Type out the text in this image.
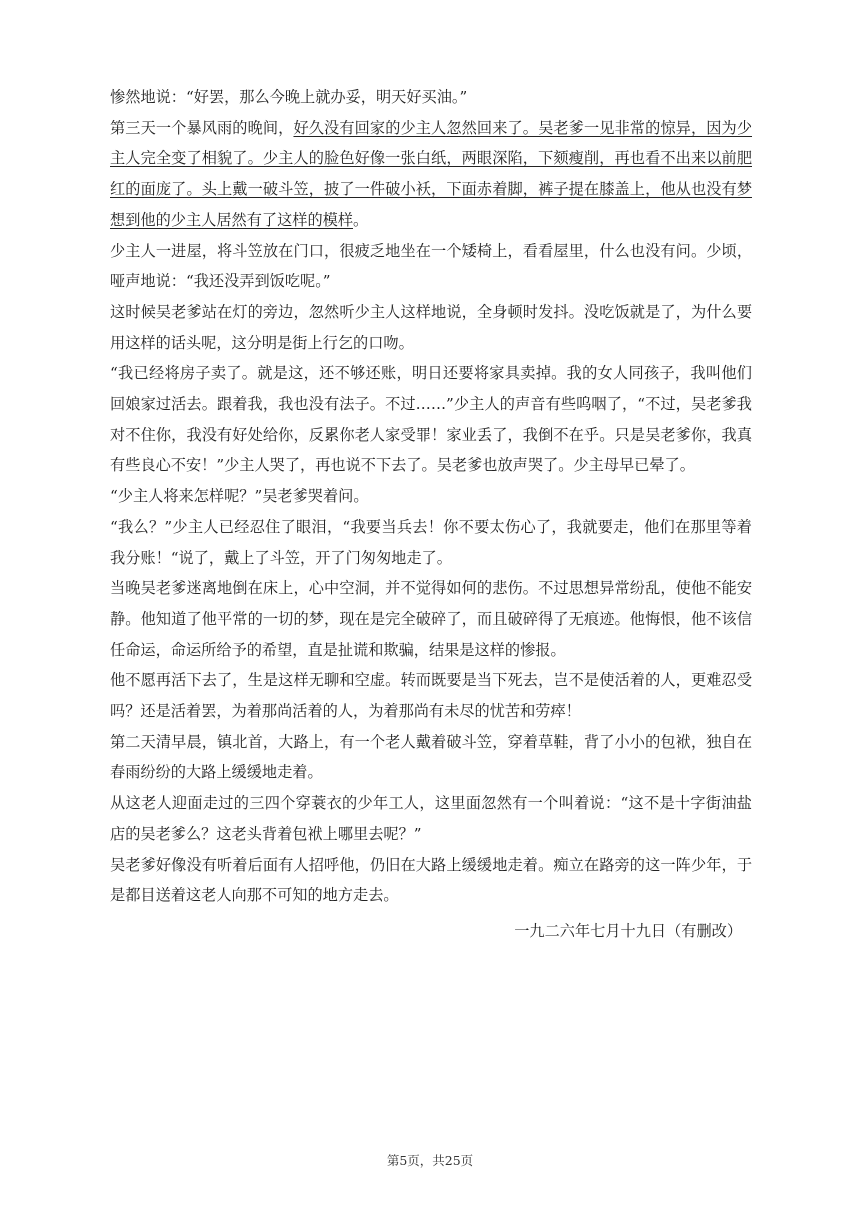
惨然地说：“好罢，那么今晚上就办妥，明天好买油。”

第三天一个暴风雨的晚间，好久没有回家的少主人忽然回来了。吴老爹一见非常的惊异，因为少主人完全变了相貌了。少主人的脸色好像一张白纸，两眼深陷，下颏瘦削，再也看不出来以前肥红的面庞了。头上戴一破斗笠，披了一件破小袄，下面赤着脚，裤子提在膝盖上，他从也没有梦想到他的少主人居然有了这样的模样。

少主人一进屋，将斗笠放在门口，很疲乏地坐在一个矮椅上，看看屋里，什么也没有问。少顷，哑声地说：“我还没弄到饭吃呢。”

这时候吴老爹站在灯的旁边，忽然听少主人这样地说，全身顿时发抖。没吃饭就是了，为什么要用这样的话头呢，这分明是街上行乞的口吻。

“我已经将房子卖了。就是这，还不够还账，明日还要将家具卖掉。我的女人同孩子，我叫他们回娘家过活去。跟着我，我也没有法子。不过……”少主人的声音有些呜咽了，“不过，吴老爹我对不住你，我没有好处给你，反累你老人家受罪！家业丢了，我倒不在乎。只是吴老爹你，我真有些良心不安！”少主人哭了，再也说不下去了。吴老爹也放声哭了。少主母早已晕了。

“少主人将来怎样呢？”吴老爹哭着问。

“我么？”少主人已经忍住了眼泪，“我要当兵去！你不要太伤心了，我就要走，他们在那里等着我分账！“说了，戴上了斗笠，开了门匆匆地走了。

当晚吴老爹迷离地倒在床上，心中空洞，并不觉得如何的悲伤。不过思想异常纷乱，使他不能安静。他知道了他平常的一切的梦，现在是完全破碎了，而且破碎得了无痕迹。他悔恨，他不该信任命运，命运所给予的希望，直是扯谎和欺骗，结果是这样的惨报。

他不愿再活下去了，生是这样无聊和空虚。转而既要是当下死去，岂不是使活着的人，更难忍受吗？还是活着罢，为着那尚活着的人，为着那尚有未尽的忧苦和劳瘁！

第二天清早晨，镇北首，大路上，有一个老人戴着破斗笠，穿着草鞋，背了小小的包袱，独自在春雨纷纷的大路上缓缓地走着。

从这老人迎面走过的三四个穿蓑衣的少年工人，这里面忽然有一个叫着说：“这不是十字街油盐店的吴老爹么？这老头背着包袱上哪里去呢？”

吴老爹好像没有听着后面有人招呼他，仍旧在大路上缓缓地走着。痴立在路旁的这一阵少年，于是都目送着这老人向那不可知的地方走去。

一九二六年七月十九日（有删改）

第5页，共25页
